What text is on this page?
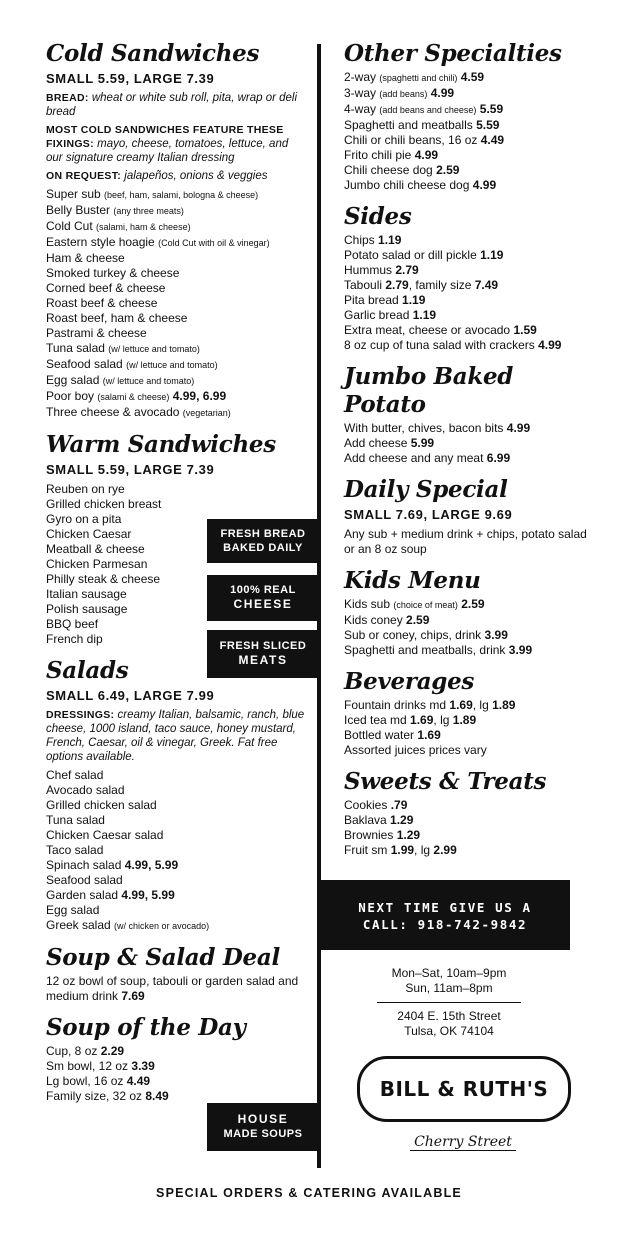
Cold Sandwiches
SMALL 5.59, LARGE 7.39

BREAD: wheat or white sub roll, pita, wrap or deli bread

MOST COLD SANDWICHES FEATURE THESE FIXINGS: mayo, cheese, tomatoes, lettuce, and our signature creamy Italian dressing

ON REQUEST: jalapeños, onions & veggies

Super sub (beef, ham, salami, bologna & cheese)
Belly Buster (any three meats)
Cold Cut (salami, ham & cheese)
Eastern style hoagie (Cold Cut with oil & vinegar)
Ham & cheese
Smoked turkey & cheese
Corned beef & cheese
Roast beef & cheese
Roast beef, ham & cheese
Pastrami & cheese
Tuna salad (w/ lettuce and tomato)
Seafood salad (w/ lettuce and tomato)
Egg salad (w/ lettuce and tomato)
Poor boy (salami & cheese) 4.99, 6.99
Three cheese & avocado (vegetarian)
Warm Sandwiches
SMALL 5.59, LARGE 7.39
Reuben on rye
Grilled chicken breast
Gyro on a pita
Chicken Caesar
Meatball & cheese
Chicken Parmesan
Philly steak & cheese
Italian sausage
Polish sausage
BBQ beef
French dip
Salads
SMALL 6.49, LARGE 7.99

DRESSINGS: creamy Italian, balsamic, ranch, blue cheese, 1000 island, taco sauce, honey mustard, French, Caesar, oil & vinegar, Greek. Fat free options available.

Chef salad
Avocado salad
Grilled chicken salad
Tuna salad
Chicken Caesar salad
Taco salad
Spinach salad 4.99, 5.99
Seafood salad
Garden salad 4.99, 5.99
Egg salad
Greek salad (w/ chicken or avocado)
Soup & Salad Deal
12 oz bowl of soup, tabouli or garden salad and medium drink 7.69
Soup of the Day
Cup, 8 oz 2.29
Sm bowl, 12 oz 3.39
Lg bowl, 16 oz 4.49
Family size, 32 oz 8.49
FRESH BREAD
BAKED DAILY
100% REAL
CHEESE
FRESH SLICED
MEATS
HOUSE
MADE SOUPS
Other Specialties
2-way (spaghetti and chili) 4.59
3-way (add beans) 4.99
4-way (add beans and cheese) 5.59
Spaghetti and meatballs 5.59
Chili or chili beans, 16 oz 4.49
Frito chili pie 4.99
Chili cheese dog 2.59
Jumbo chili cheese dog 4.99
Sides
Chips 1.19
Potato salad or dill pickle 1.19
Hummus 2.79
Tabouli 2.79, family size 7.49
Pita bread 1.19
Garlic bread 1.19
Extra meat, cheese or avocado 1.59
8 oz cup of tuna salad with crackers 4.99
Jumbo Baked Potato
With butter, chives, bacon bits 4.99
Add cheese 5.99
Add cheese and any meat 6.99
Daily Special
SMALL 7.69, LARGE 9.69
Any sub + medium drink + chips, potato salad or an 8 oz soup
Kids Menu
Kids sub (choice of meat) 2.59
Kids coney 2.59
Sub or coney, chips, drink 3.99
Spaghetti and meatballs, drink 3.99
Beverages
Fountain drinks md 1.69, lg 1.89
Iced tea md 1.69, lg 1.89
Bottled water 1.69
Assorted juices prices vary
Sweets & Treats
Cookies .79
Baklava 1.29
Brownies 1.29
Fruit sm 1.99, lg 2.99
NEXT TIME GIVE US A
CALL: 918-742-9842
Mon–Sat, 10am–9pm
Sun, 11am–8pm
2404 E. 15th Street
Tulsa, OK 74104
BILL & RUTH'S
Cherry Street
SPECIAL ORDERS & CATERING AVAILABLE
